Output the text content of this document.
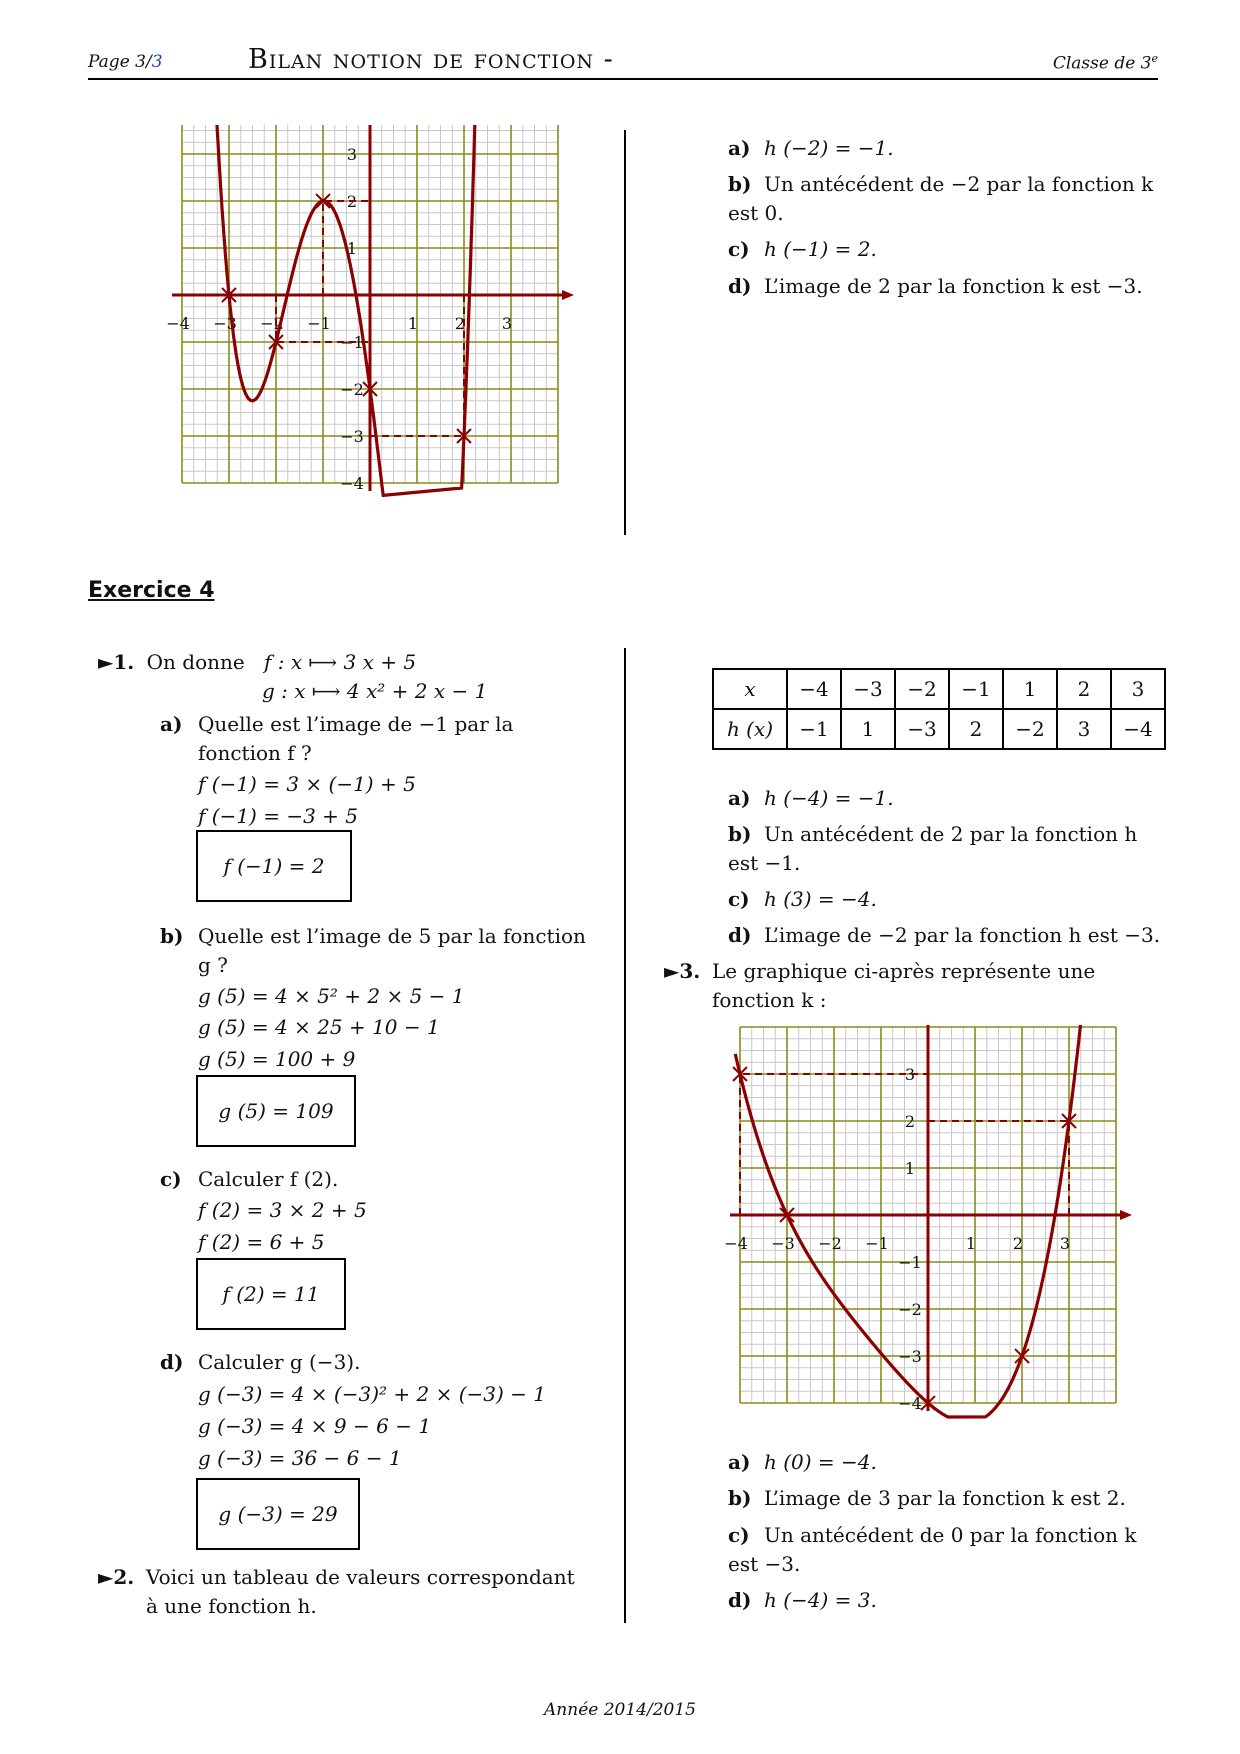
Page 3/3	Bilan notion de fonction -	Classe de $3^e$
−4 −3 −2 −1	1 2 3
3
2
1
−1
−2
−3
−4
a) h (−2) = −1.
b) Un antécédent de −2 par la fonction k est 0.
c) h (−1) = 2.
d) L’image de 2 par la fonction k est −3.
Exercice 4
►1. On donne f : x ⟼ 3 x + 5
g : x ⟼ 4 x² + 2 x − 1
a) Quelle est l’image de −1 par la fonction f ?
f (−1) = 3 × (−1) + 5
f (−1) = −3 + 5
f (−1) = 2
b) Quelle est l’image de 5 par la fonction g ?
g (5) = 4 × 5² + 2 × 5 − 1
g (5) = 4 × 25 + 10 − 1
g (5) = 100 + 9
g (5) = 109
c) Calculer f (2).
f (2) = 3 × 2 + 5
f (2) = 6 + 5
f (2) = 11
d) Calculer g (−3).
g (−3) = 4 × (−3)² + 2 × (−3) − 1
g (−3) = 4 × 9 − 6 − 1
g (−3) = 36 − 6 − 1
g (−3) = 29
►2. Voici un tableau de valeurs correspondant à une fonction h.
x	−4	−3	−2	−1	1	2	3
h (x)	−1	1	−3	2	−2	3	−4
a) h (−4) = −1.
b) Un antécédent de 2 par la fonction h est −1.
c) h (3) = −4.
d) L’image de −2 par la fonction h est −3.
►3. Le graphique ci-après représente une fonction k :
−4 −3 −2 −1	1 2 3
3
2
1
−1
−2
−3
−4
a) h (0) = −4.
b) L’image de 3 par la fonction k est 2.
c) Un antécédent de 0 par la fonction k est −3.
d) h (−4) = 3.
Année 2014/2015
